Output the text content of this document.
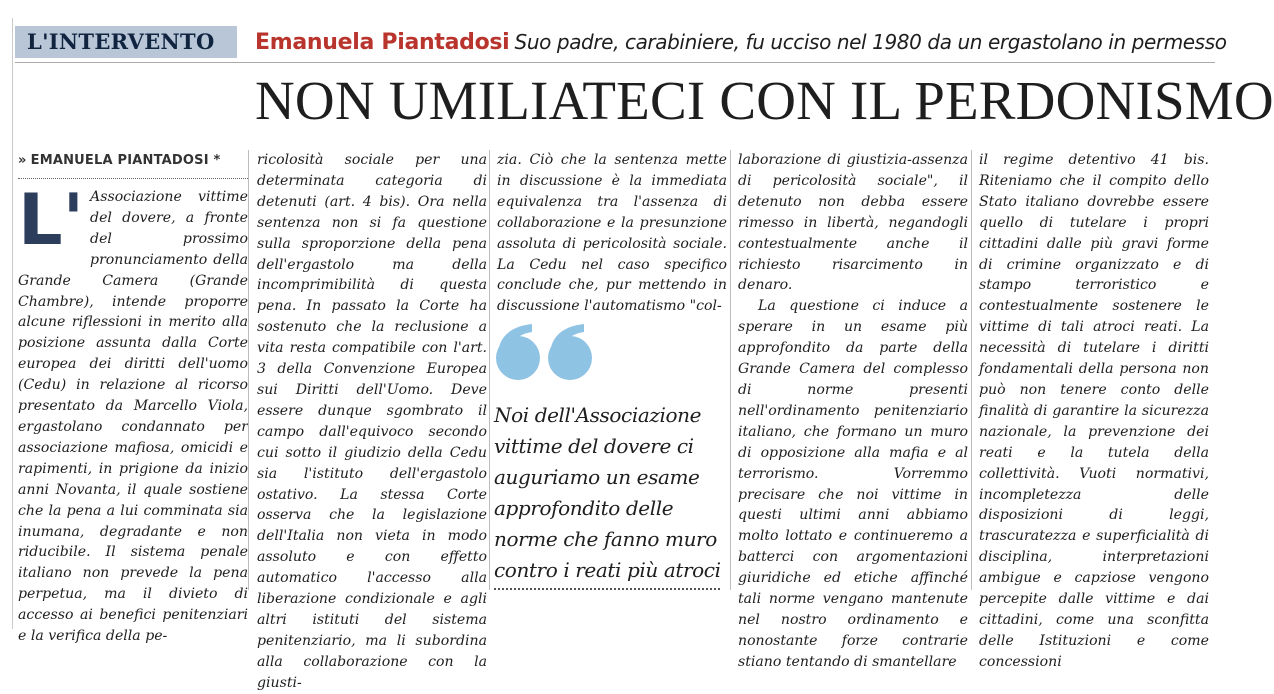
L'INTERVENTO	Emanuela Piantadosi Suo padre, carabiniere, fu ucciso nel 1980 da un ergastolano in permesso
NON UMILIATECI CON IL PERDONISMO
» EMANUELA PIANTADOSI *
L' Associazione vittime del dovere, a fronte del prossimo pronunciamento della Grande Camera (Grande Chambre), intende proporre alcune riflessioni in merito alla posizione assunta dalla Corte europea dei diritti dell'uomo (Cedu) in relazione al ricorso presentato da Marcello Viola, ergastolano condannato per associazione mafiosa, omicidi e rapimenti, in prigione da inizio anni Novanta, il quale sostiene che la pena a lui comminata sia inumana, degradante e non riducibile. Il sistema penale italiano non prevede la pena perpetua, ma il divieto di accesso ai benefici penitenziari e la verifica della pe-

ricolosità sociale per una determinata categoria di detenuti (art. 4 bis). Ora nella sentenza non si fa questione sulla sproporzione della pena dell'ergastolo ma della incomprimibilità di questa pena. In passato la Corte ha sostenuto che la reclusione a vita resta compatibile con l'art. 3 della Convenzione Europea sui Diritti dell'Uomo. Deve essere dunque sgombrato il campo dall'equivoco secondo cui sotto il giudizio della Cedu sia l'istituto dell'ergastolo ostativo. La stessa Corte osserva che la legislazione dell'Italia non vieta in modo assoluto e con effetto automatico l'accesso alla liberazione condizionale e agli altri istituti del sistema penitenziario, ma li subordina alla collaborazione con la giusti-

zia. Ciò che la sentenza mette in discussione è la immediata equivalenza tra l'assenza di collaborazione e la presunzione assoluta di pericolosità sociale. La Cedu nel caso specifico conclude che, pur mettendo in discussione l'automatismo "col-

Noi dell'Associazione vittime del dovere ci auguriamo un esame approfondito delle norme che fanno muro contro i reati più atroci

laborazione di giustizia-assenza di pericolosità sociale", il detenuto non debba essere rimesso in libertà, negandogli contestualmente anche il richiesto risarcimento in denaro.

La questione ci induce a sperare in un esame più approfondito da parte della Grande Camera del complesso di norme presenti nell'ordinamento penitenziario italiano, che formano un muro di opposizione alla mafia e al terrorismo. Vorremmo precisare che noi vittime in questi ultimi anni abbiamo molto lottato e continueremo a batterci con argomentazioni giuridiche ed etiche affinché tali norme vengano mantenute nel nostro ordinamento e nonostante forze contrarie stiano tentando di smantellare

il regime detentivo 41 bis. Riteniamo che il compito dello Stato italiano dovrebbe essere quello di tutelare i propri cittadini dalle più gravi forme di crimine organizzato e di stampo terroristico e contestualmente sostenere le vittime di tali atroci reati. La necessità di tutelare i diritti fondamentali della persona non può non tenere conto delle finalità di garantire la sicurezza nazionale, la prevenzione dei reati e la tutela della collettività. Vuoti normativi, incompletezza delle disposizioni di leggi, trascuratezza e superficialità di disciplina, interpretazioni ambigue e capziose vengono percepite dalle vittime e dai cittadini, come una sconfitta delle Istituzioni e come concessioni
